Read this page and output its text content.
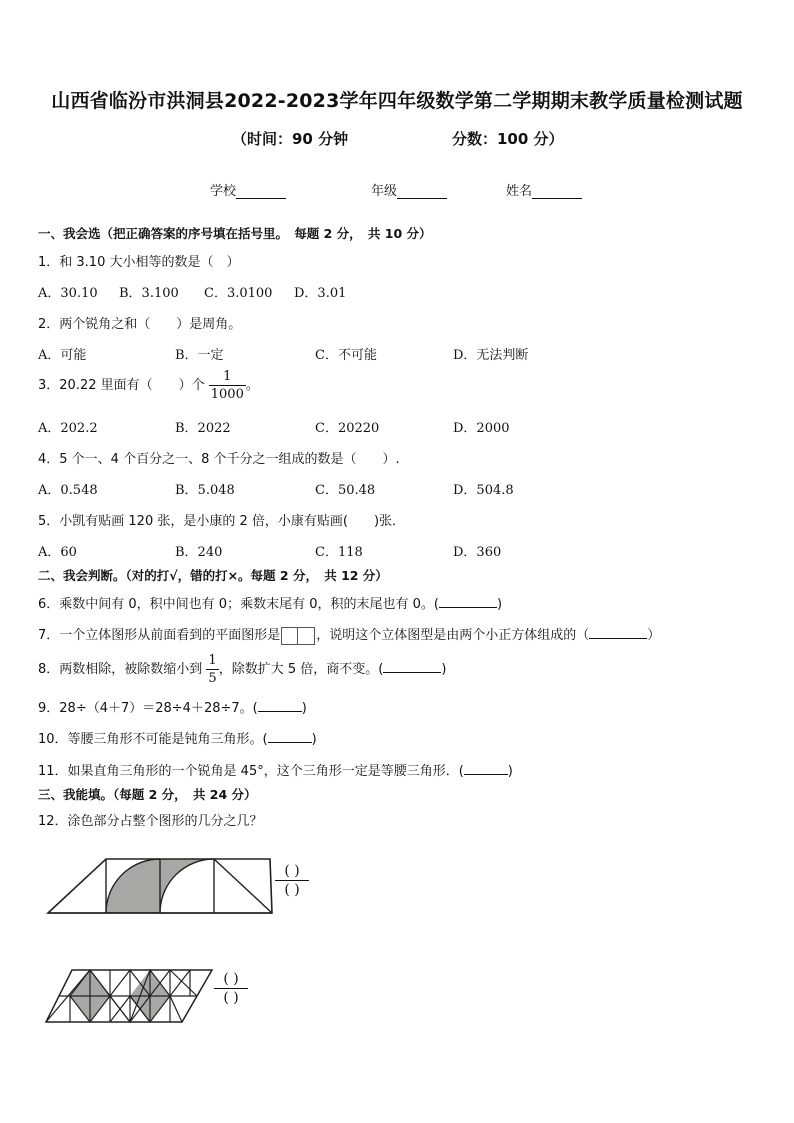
山西省临汾市洪洞县2022-2023学年四年级数学第二学期期末教学质量检测试题
（时间：90 分钟	分数：100 分）
学校	年级	姓名
一、我会选（把正确答案的序号填在括号里。　每题 2 分，　共 10 分）
1．和 3.10 大小相等的数是（　）
A．30.10 B．3.100 C．3.0100 D．3.01
2．两个锐角之和（　　）是周角。
A．可能	B．一定	C．不可能	D．无法判断
3．20.22 里面有（　　）个 $\frac{1}{1000}$ 。
A．202.2	B．2022	C．20220	D．2000
4．5 个一、4 个百分之一、8 个千分之一组成的数是（　　）.
A．0.548	B．5.048	C．50.48	D．504.8
5．小凯有贴画 120 张，是小康的 2 倍，小康有贴画(　　)张．
A．60	B．240	C．118	D．360
二、我会判断。（对的打√，错的打×。每题 2 分，　共 12 分）
6．乘数中间有 0，积中间也有 0；乘数末尾有 0，积的末尾也有 0。(	)
7．一个立体图形从前面看到的平面图形是	，说明这个立体图型是由两个小正方体组成的（	）
8．两数相除，被除数缩小到 $\frac{1}{5}$ ，除数扩大 5 倍，商不变。(	)
9．28÷（4＋7）＝28÷4＋28÷7。(	)
10．等腰三角形不可能是钝角三角形。(	)
11．如果直角三角形的一个锐角是 45°，这个三角形一定是等腰三角形．(	)
三、我能填。（每题 2 分，　共 24 分）
12．涂色部分占整个图形的几分之几？
( )
( )
( )
( )
